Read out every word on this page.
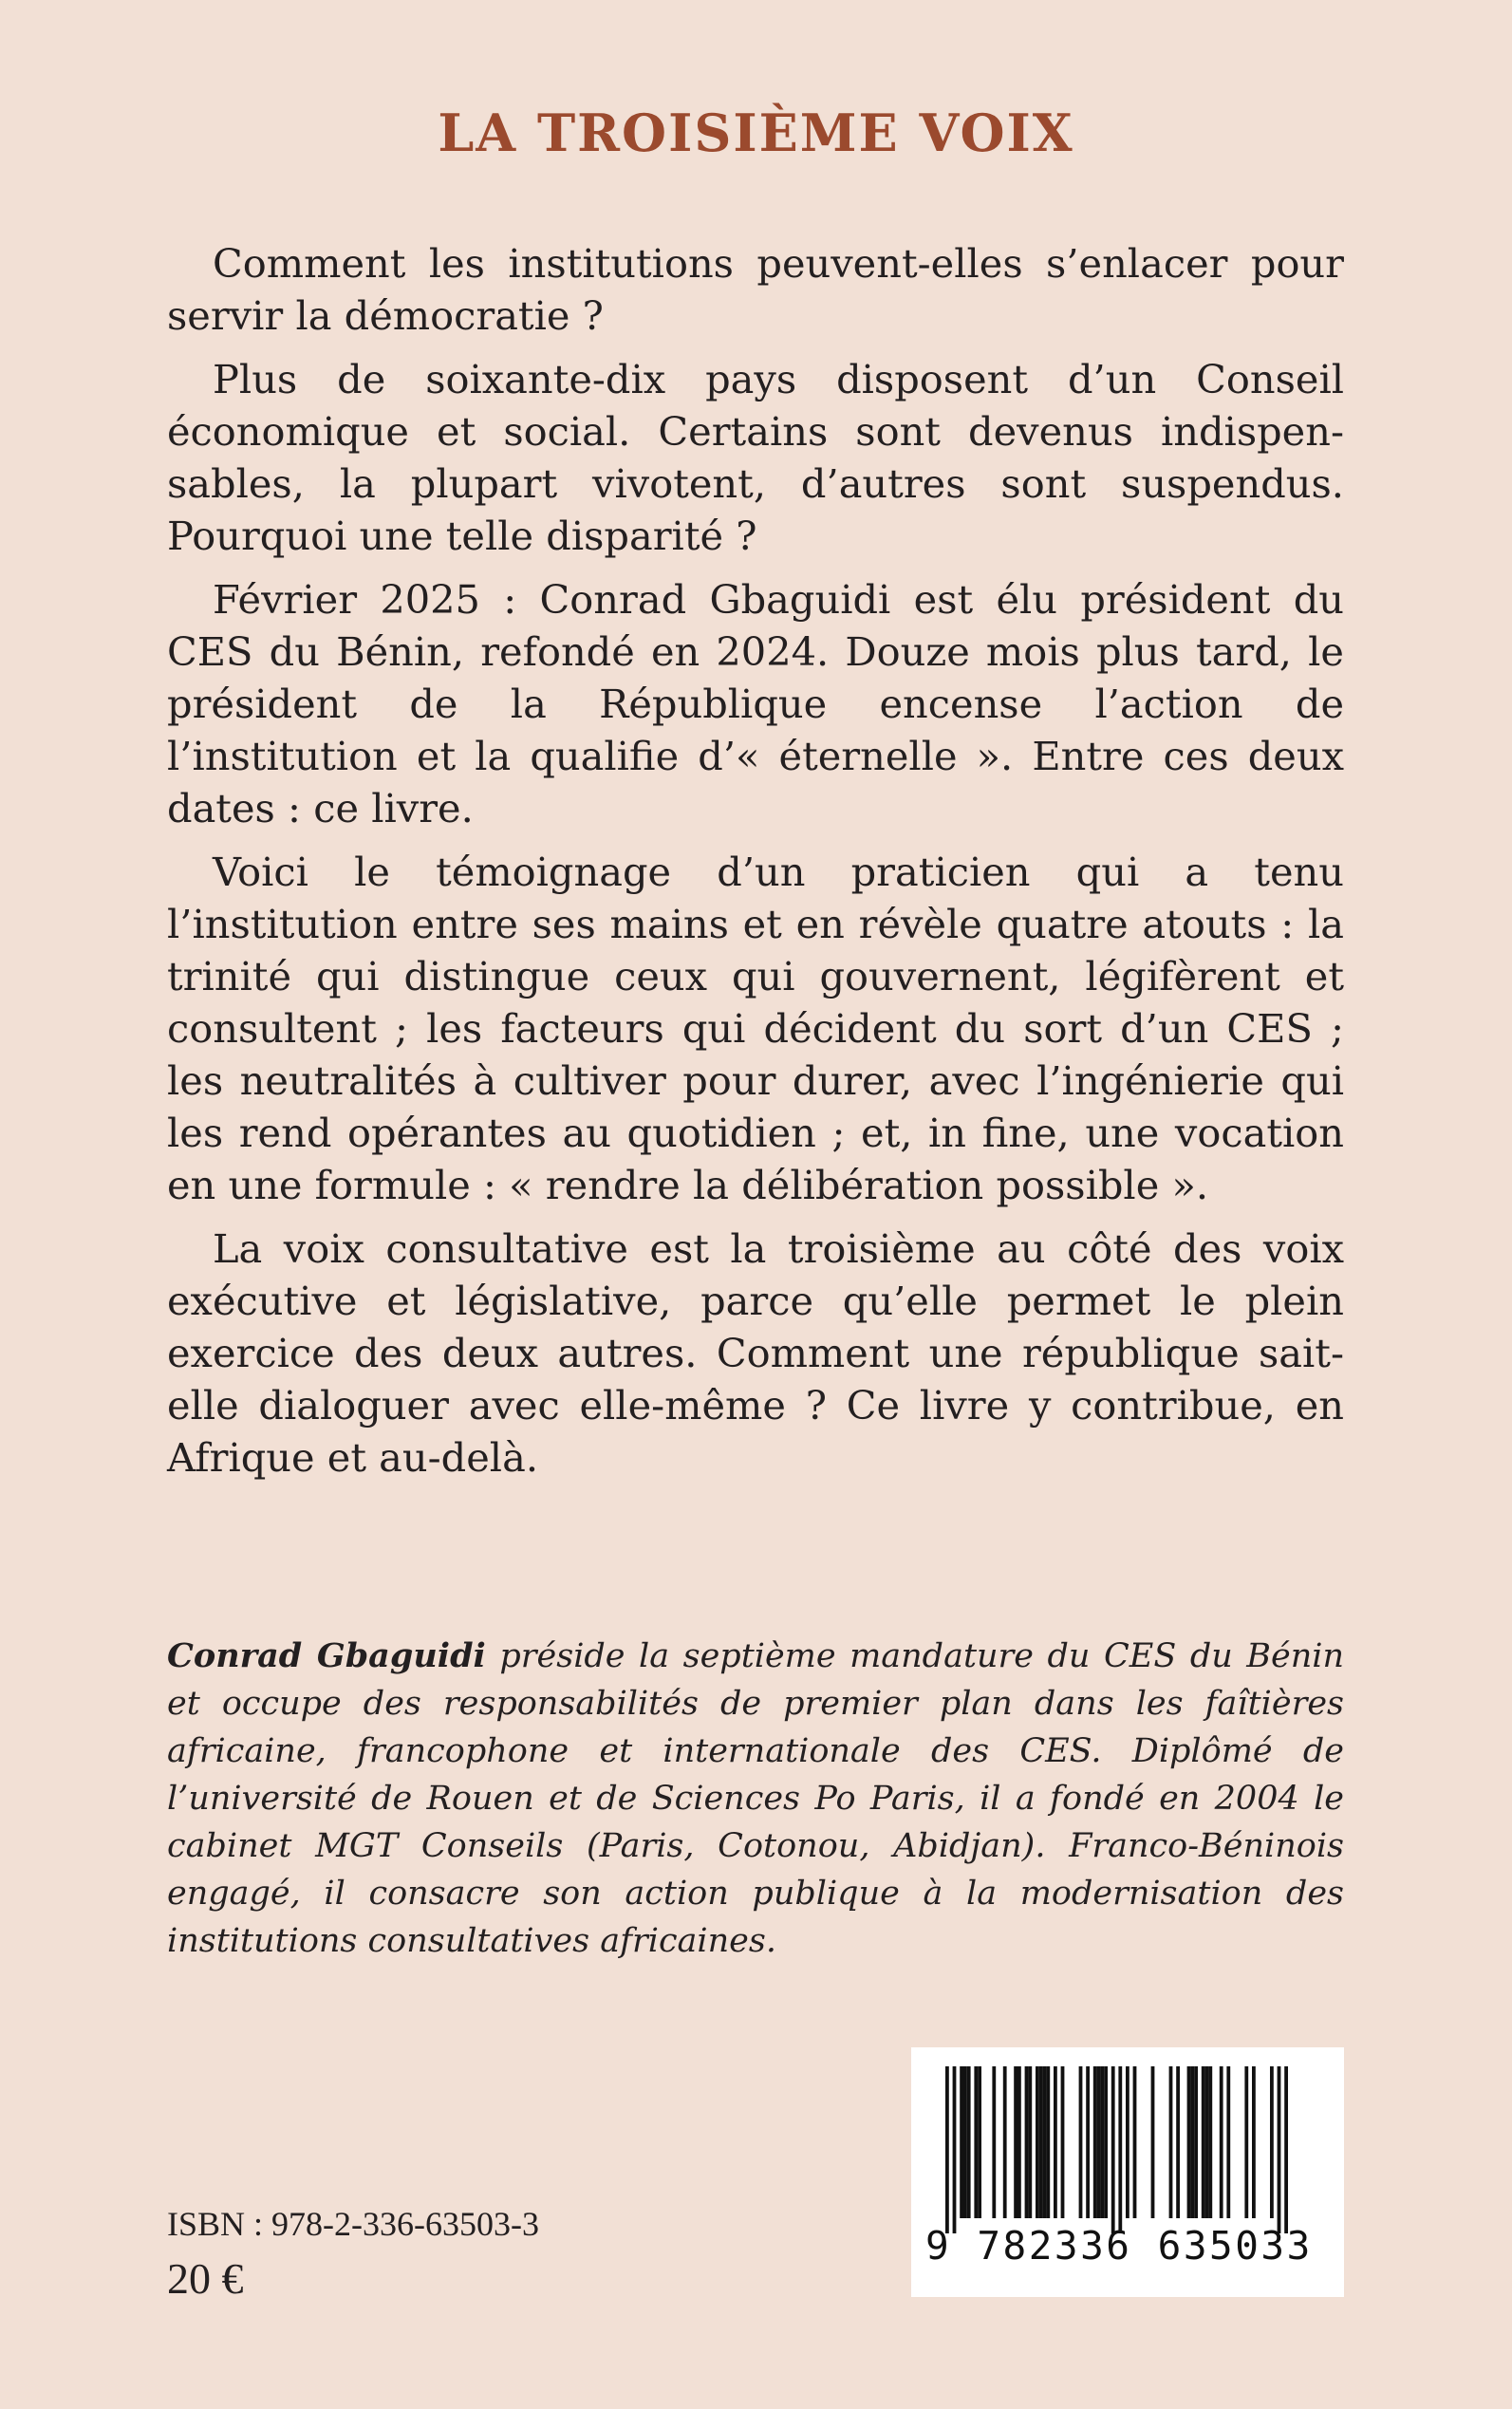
LA TROISIÈME VOIX

Comment les institutions peuvent-elles s’enlacer pour servir la démocratie ?

Plus de soixante-dix pays disposent d’un Conseil économique et social. Certains sont devenus indispensables, la plupart vivotent, d’autres sont suspendus. Pourquoi une telle disparité ?

Février 2025 : Conrad Gbaguidi est élu président du CES du Bénin, refondé en 2024. Douze mois plus tard, le président de la République encense l’action de l’institution et la qualifie d’« éternelle ». Entre ces deux dates : ce livre.

Voici le témoignage d’un praticien qui a tenu l’institution entre ses mains et en révèle quatre atouts : la trinité qui distingue ceux qui gouvernent, légifèrent et consultent ; les facteurs qui décident du sort d’un CES ; les neutralités à cultiver pour durer, avec l’ingénierie qui les rend opérantes au quotidien ; et, in fine, une vocation en une formule : « rendre la délibération possible ».

La voix consultative est la troisième au côté des voix exécutive et législative, parce qu’elle permet le plein exercice des deux autres. Comment une république sait-elle dialoguer avec elle-même ? Ce livre y contribue, en Afrique et au-delà.

Conrad Gbaguidi préside la septième mandature du CES du Bénin et occupe des responsabilités de premier plan dans les faîtières africaine, francophone et internationale des CES. Diplômé de l’université de Rouen et de Sciences Po Paris, il a fondé en 2004 le cabinet MGT Conseils (Paris, Cotonou, Abidjan). Franco-Béninois engagé, il consacre son action publique à la modernisation des institutions consultatives africaines.

ISBN : 978-2-336-63503-3

20 €

9 782336 635033
